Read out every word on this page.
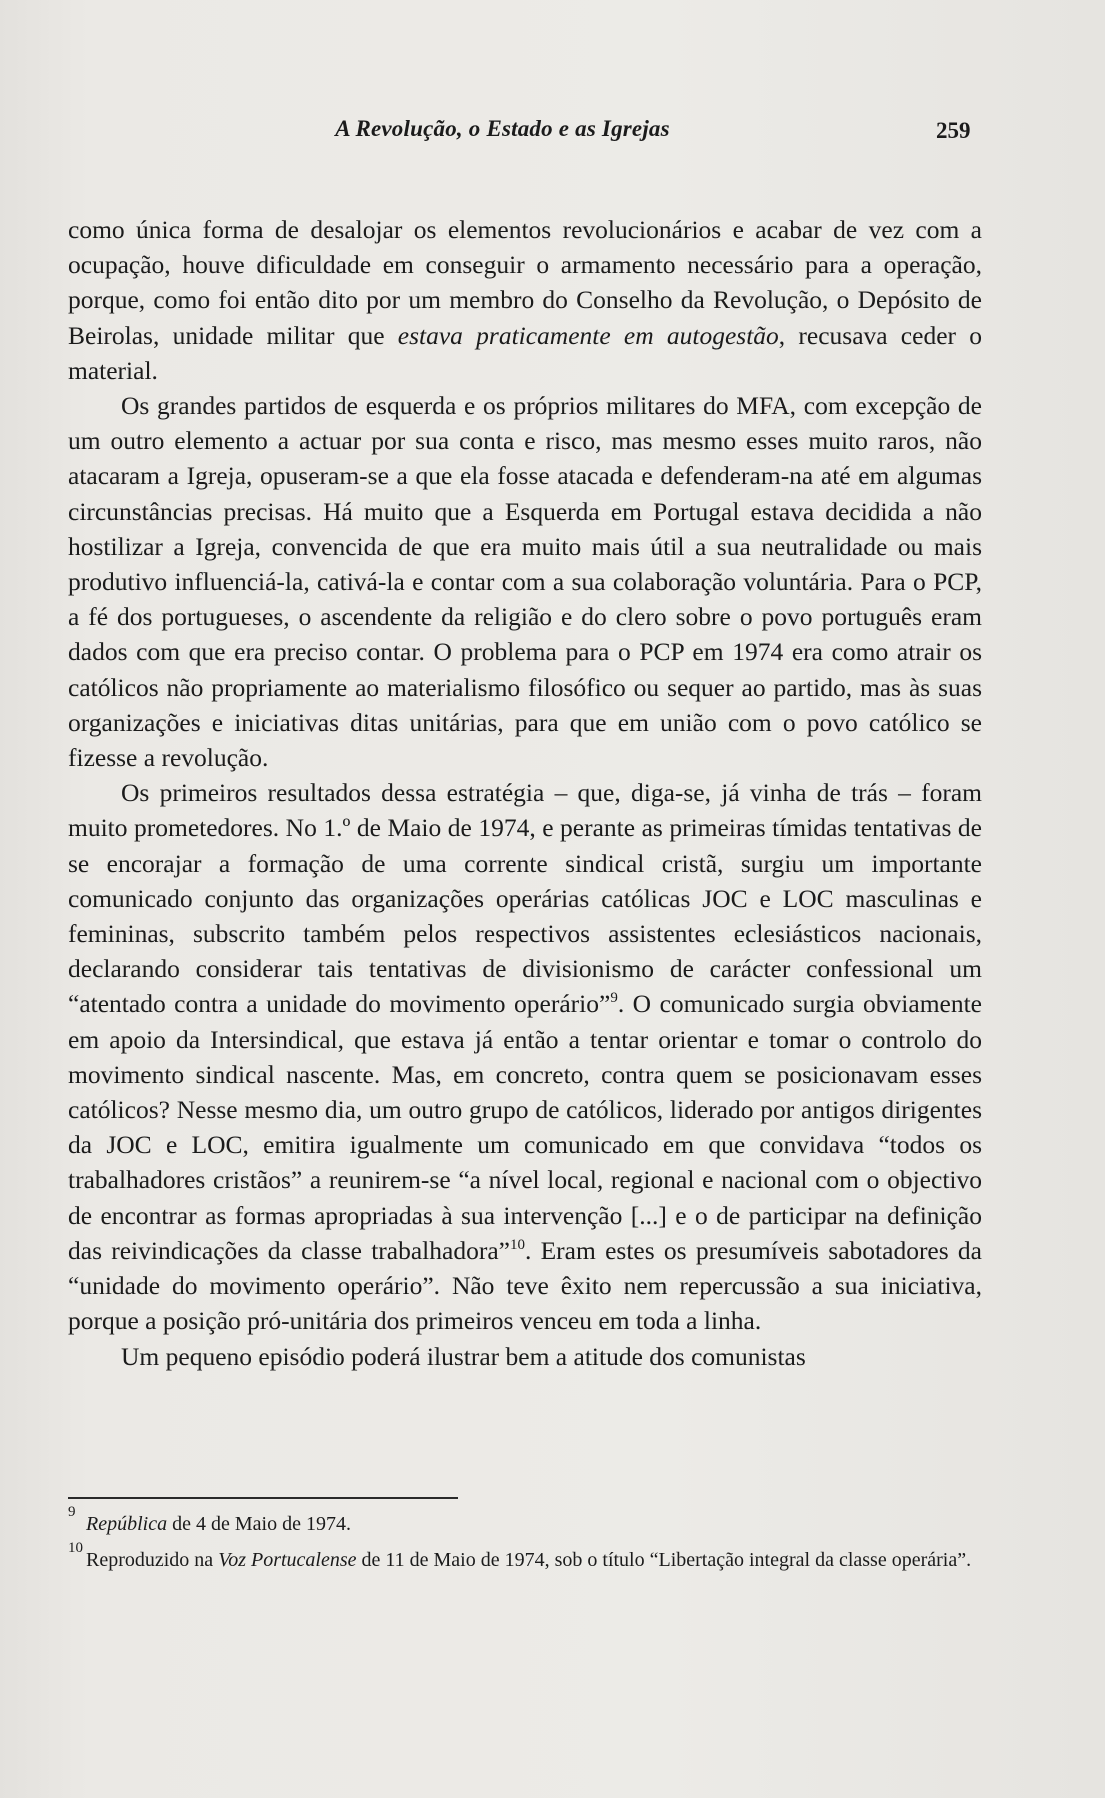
A Revolução, o Estado e as Igrejas	259

como única forma de desalojar os elementos revolucionários e acabar de vez com a ocupação, houve dificuldade em conseguir o armamento necessário para a operação, porque, como foi então dito por um membro do Conselho da Revolução, o Depósito de Beirolas, unidade militar que estava praticamente em autogestão, recusava ceder o material.

Os grandes partidos de esquerda e os próprios militares do MFA, com excepção de um outro elemento a actuar por sua conta e risco, mas mesmo esses muito raros, não atacaram a Igreja, opuseram-se a que ela fosse atacada e defenderam-na até em algumas circunstâncias precisas. Há muito que a Esquerda em Portugal estava decidida a não hostilizar a Igreja, convencida de que era muito mais útil a sua neutralidade ou mais produtivo influenciá-la, cativá-la e contar com a sua colaboração voluntária. Para o PCP, a fé dos portugueses, o ascendente da religião e do clero sobre o povo português eram dados com que era preciso contar. O problema para o PCP em 1974 era como atrair os católicos não propriamente ao materialismo filosófico ou sequer ao partido, mas às suas organizações e iniciativas ditas unitárias, para que em união com o povo católico se fizesse a revolução.

Os primeiros resultados dessa estratégia – que, diga-se, já vinha de trás – foram muito prometedores. No 1.º de Maio de 1974, e perante as primeiras tímidas tentativas de se encorajar a formação de uma corrente sindical cristã, surgiu um importante comunicado conjunto das organizações operárias católicas JOC e LOC masculinas e femininas, subscrito também pelos respectivos assistentes eclesiásticos nacionais, declarando considerar tais tentativas de divisionismo de carácter confessional um “atentado contra a unidade do movimento operário”$^9$. O comunicado surgia obviamente em apoio da Intersindical, que estava já então a tentar orientar e tomar o controlo do movimento sindical nascente. Mas, em concreto, contra quem se posicionavam esses católicos? Nesse mesmo dia, um outro grupo de católicos, liderado por antigos dirigentes da JOC e LOC, emitira igualmente um comunicado em que convidava “todos os trabalhadores cristãos” a reunirem-se “a nível local, regional e nacional com o objectivo de encontrar as formas apropriadas à sua intervenção [...] e o de participar na definição das reivindicações da classe trabalhadora”$^{10}$. Eram estes os presumíveis sabotadores da “unidade do movimento operário”. Não teve êxito nem repercussão a sua iniciativa, porque a posição pró-unitária dos primeiros venceu em toda a linha.

Um pequeno episódio poderá ilustrar bem a atitude dos comunistas

9
República de 4 de Maio de 1974.
10
Reproduzido na Voz Portucalense de 11 de Maio de 1974, sob o título “Libertação integral da classe operária”.
